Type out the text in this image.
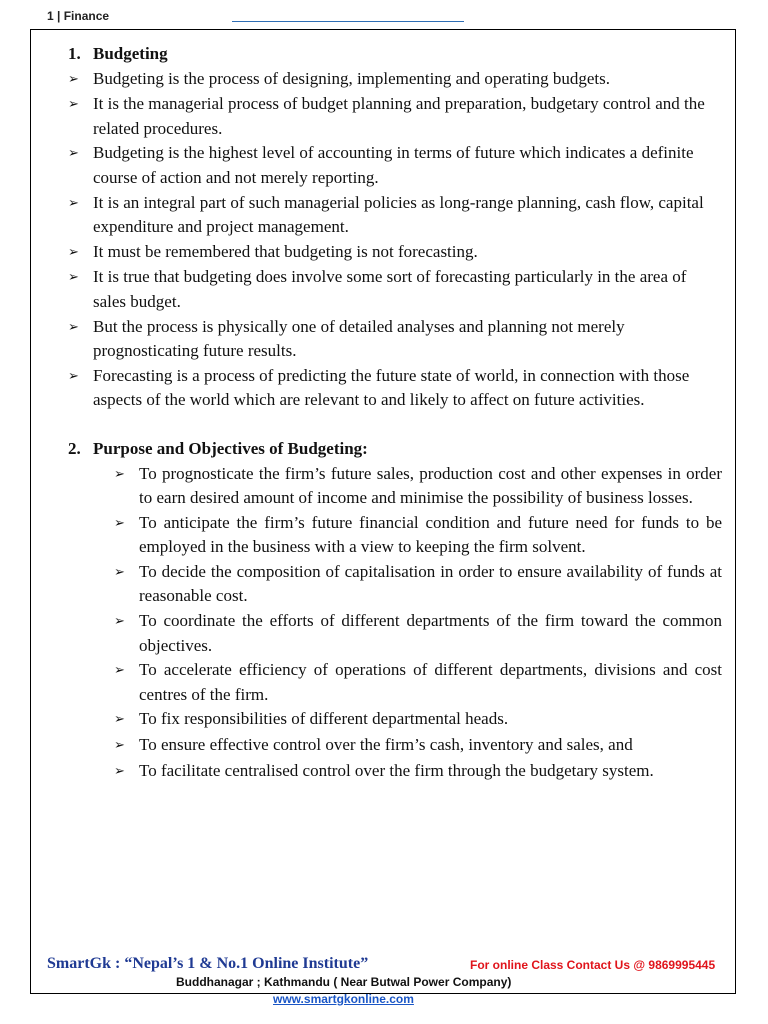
1 | Finance
1. Budgeting
➢ Budgeting is the process of designing, implementing and operating budgets.
➢ It is the managerial process of budget planning and preparation, budgetary control and the related procedures.
➢ Budgeting is the highest level of accounting in terms of future which indicates a definite course of action and not merely reporting.
➢ It is an integral part of such managerial policies as long-range planning, cash flow, capital expenditure and project management.
➢ It must be remembered that budgeting is not forecasting.
➢ It is true that budgeting does involve some sort of forecasting particularly in the area of sales budget.
➢ But the process is physically one of detailed analyses and planning not merely prognosticating future results.
➢ Forecasting is a process of predicting the future state of world, in connection with those aspects of the world which are relevant to and likely to affect on future activities.
2. Purpose and Objectives of Budgeting:
➢ To prognosticate the firm’s future sales, production cost and other expenses in order to earn desired amount of income and minimise the possibility of business losses.
➢ To anticipate the firm’s future financial condition and future need for funds to be employed in the business with a view to keeping the firm solvent.
➢ To decide the composition of capitalisation in order to ensure availability of funds at reasonable cost.
➢ To coordinate the efforts of different departments of the firm toward the common objectives.
➢ To accelerate efficiency of operations of different departments, divisions and cost centres of the firm.
➢ To fix responsibilities of different departmental heads.
➢ To ensure effective control over the firm’s cash, inventory and sales, and
➢ To facilitate centralised control over the firm through the budgetary system.
SmartGk : “Nepal’s 1 & No.1 Online Institute”	For online Class Contact Us @ 9869995445
Buddhanagar ; Kathmandu ( Near Butwal Power Company)
www.smartgkonline.com
